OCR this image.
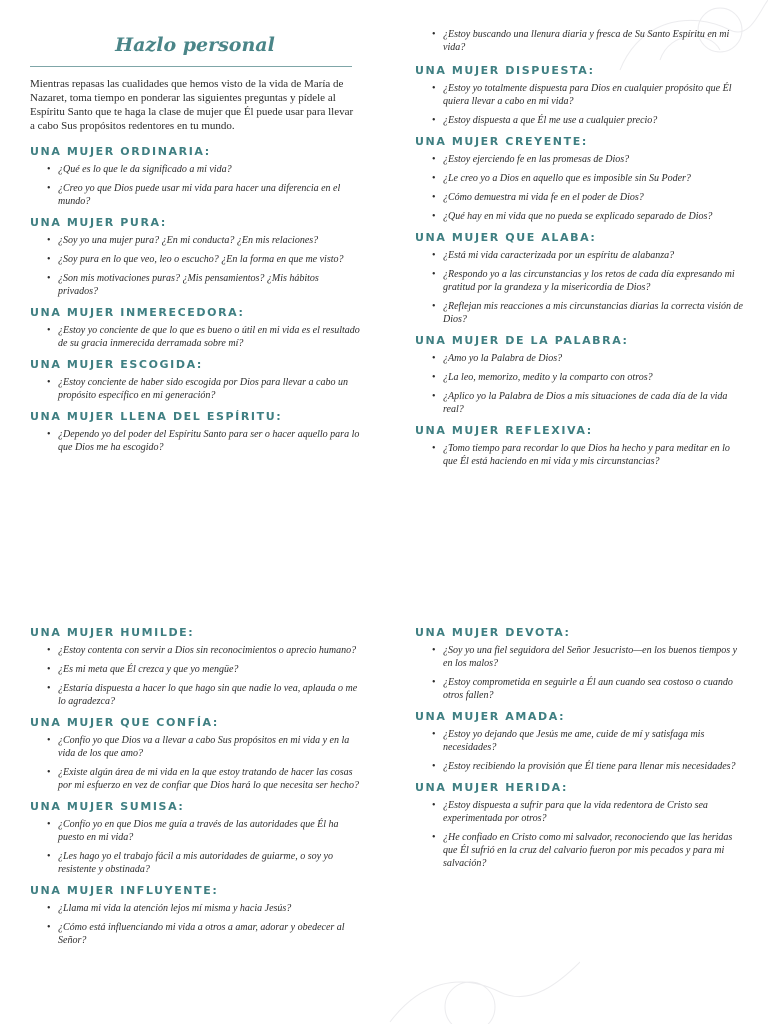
Hazlo personal

Mientras repasas las cualidades que hemos visto de la vida de María de Nazaret, toma tiempo en ponderar las siguientes preguntas y pídele al Espíritu Santo que te haga la clase de mujer que Él puede usar para llevar a cabo Sus propósitos redentores en tu mundo.

UNA MUJER ORDINARIA:
• ¿Qué es lo que le da significado a mi vida?
• ¿Creo yo que Dios puede usar mi vida para hacer una diferencia en el mundo?
UNA MUJER PURA:
• ¿Soy yo una mujer pura? ¿En mi conducta? ¿En mis relaciones?
• ¿Soy pura en lo que veo, leo o escucho? ¿En la forma en que me visto?
• ¿Son mis motivaciones puras? ¿Mis pensamientos? ¿Mis hábitos privados?
UNA MUJER INMERECEDORA:
• ¿Estoy yo conciente de que lo que es bueno o útil en mi vida es el resultado de su gracia inmerecida derramada sobre mí?
UNA MUJER ESCOGIDA:
• ¿Estoy conciente de haber sido escogida por Dios para llevar a cabo un propósito específico en mi generación?
UNA MUJER LLENA DEL ESPÍRITU:
• ¿Dependo yo del poder del Espíritu Santo para ser o hacer aquello para lo que Dios me ha escogido?
• ¿Estoy buscando una llenura diaria y fresca de Su Santo Espíritu en mi vida?
UNA MUJER DISPUESTA:
• ¿Estoy yo totalmente dispuesta para Dios en cualquier propósito que Él quiera llevar a cabo en mi vida?
• ¿Estoy dispuesta a que Él me use a cualquier precio?
UNA MUJER CREYENTE:
• ¿Estoy ejerciendo fe en las promesas de Dios?
• ¿Le creo yo a Dios en aquello que es imposible sin Su Poder?
• ¿Cómo demuestra mi vida fe en el poder de Dios?
• ¿Qué hay en mi vida que no pueda se explicado separado de Dios?
UNA MUJER QUE ALABA:
• ¿Está mi vida caracterizada por un espíritu de alabanza?
• ¿Respondo yo a las circunstancias y los retos de cada día expresando mi gratitud por la grandeza y la misericordia de Dios?
• ¿Reflejan mis reacciones a mis circunstancias diarias la correcta visión de Dios?
UNA MUJER DE LA PALABRA:
• ¿Amo yo la Palabra de Dios?
• ¿La leo, memorizo, medito y la comparto con otros?
• ¿Aplico yo la Palabra de Dios a mis situaciones de cada día de la vida real?
UNA MUJER REFLEXIVA:
• ¿Tomo tiempo para recordar lo que Dios ha hecho y para meditar en lo que Él está haciendo en mi vida y mis circunstancias?
UNA MUJER HUMILDE:
• ¿Estoy contenta con servir a Dios sin reconocimientos o aprecio humano?
• ¿Es mi meta que Él crezca y que yo mengüe?
• ¿Estaría dispuesta a hacer lo que hago sin que nadie lo vea, aplauda o me lo agradezca?
UNA MUJER QUE CONFÍA:
• ¿Confío yo que Dios va a llevar a cabo Sus propósitos en mi vida y en la vida de los que amo?
• ¿Existe algún área de mi vida en la que estoy tratando de hacer las cosas por mi esfuerzo en vez de confiar que Dios hará lo que necesita ser hecho?
UNA MUJER SUMISA:
• ¿Confío yo en que Dios me guía a través de las autoridades que Él ha puesto en mi vida?
• ¿Les hago yo el trabajo fácil a mis autoridades de guiarme, o soy yo resistente y obstinada?
UNA MUJER INFLUYENTE:
• ¿Llama mi vida la atención lejos mí misma y hacia Jesús?
• ¿Cómo está influenciando mi vida a otros a amar, adorar y obedecer al Señor?
UNA MUJER DEVOTA:
• ¿Soy yo una fiel seguidora del Señor Jesucristo—en los buenos tiempos y en los malos?
• ¿Estoy comprometida en seguirle a Él aun cuando sea costoso o cuando otros fallen?
UNA MUJER AMADA:
• ¿Estoy yo dejando que Jesús me ame, cuide de mí y satisfaga mis necesidades?
• ¿Estoy recibiendo la provisión que Él tiene para llenar mis necesidades?
UNA MUJER HERIDA:
• ¿Estoy dispuesta a sufrir para que la vida redentora de Cristo sea experimentada por otros?
• ¿He confiado en Cristo como mi salvador, reconociendo que las heridas que Él sufrió en la cruz del calvario fueron por mis pecados y para mi salvación?
